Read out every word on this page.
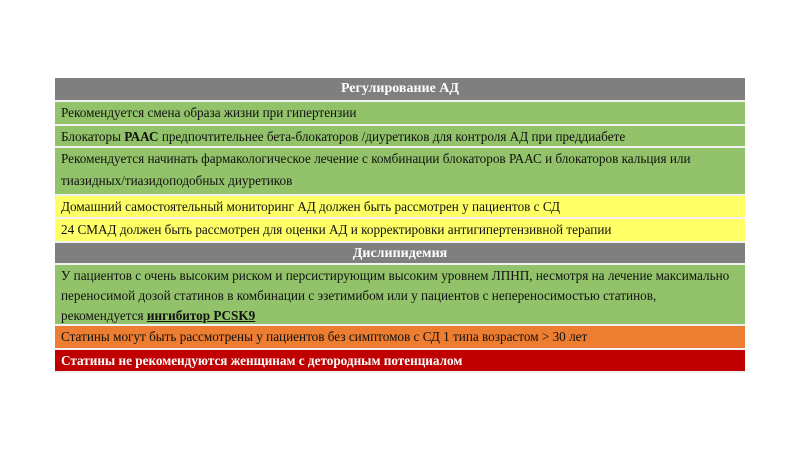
Регулирование АД
Рекомендуется смена образа жизни при гипертензии
Блокаторы РААС предпочтительнее бета-блокаторов /диуретиков для контроля АД при преддиабете
Рекомендуется начинать фармакологическое лечение с комбинации блокаторов РААС и блокаторов кальция или тиазидных/тиазидоподобных диуретиков
Домашний самостоятельный мониторинг АД должен быть рассмотрен у пациентов с СД
24 СМАД должен быть рассмотрен для оценки АД и корректировки антигипертензивной терапии
Дислипидемия
У пациентов с очень высоким риском и персистирующим высоким уровнем ЛПНП, несмотря на лечение максимально переносимой дозой статинов в комбинации с эзетимибом или у пациентов с непереносимостью статинов, рекомендуется ингибитор PCSK9
Статины могут быть рассмотрены у пациентов без симптомов с СД 1 типа возрастом > 30 лет
Статины не рекомендуются женщинам с детородным потенциалом
